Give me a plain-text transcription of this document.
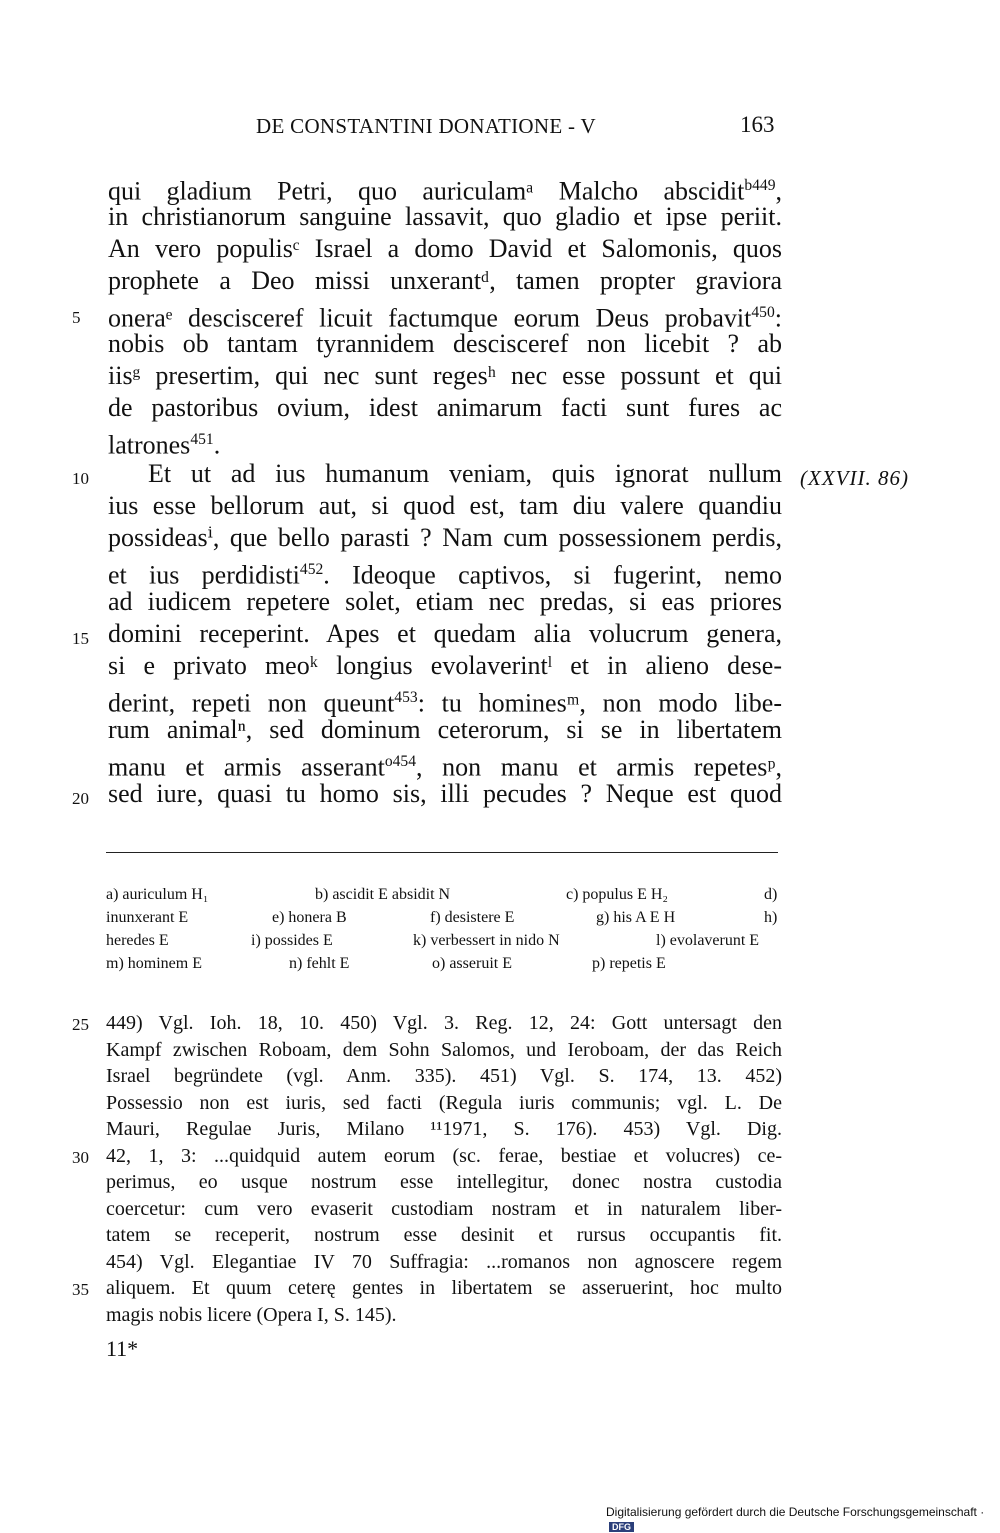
DE CONSTANTINI DONATIONE - V	163
qui gladium Petri, quo auriculamᵃ Malcho abscidit$^{b449}$,
in christianorum sanguine lassavit, quo gladio et ipse periit.
An vero populisᶜ Israel a domo David et Salomonis, quos
prophete a Deo missi unxerantᵈ, tamen propter graviora
oneraᵉ descisceref licuit factumque eorum Deus probavit$^{450}$:
nobis ob tantam tyrannidem descisceref non licebit ? ab
iisᵍ presertim, qui nec sunt regesʰ nec esse possunt et qui
de pastoribus ovium, idest animarum facti sunt fures ac
latrones$^{451}$.
Et ut ad ius humanum veniam, quis ignorat nullum
ius esse bellorum aut, si quod est, tam diu valere quandiu
possideasⁱ, que bello parasti ? Nam cum possessionem perdis,
et ius perdidisti$^{452}$. Ideoque captivos, si fugerint, nemo
ad iudicem repetere solet, etiam nec predas, si eas priores
domini receperint. Apes et quedam alia volucrum genera,
si e privato meoᵏ longius evolaverintˡ et in alieno dese-
derint, repeti non queunt$^{453}$: tu hominesᵐ, non modo libe-
rum animalⁿ, sed dominum ceterorum, si se in libertatem
manu et armis asserant$^{o454}$, non manu et armis repetesᵖ,
sed iure, quasi tu homo sis, illi pecudes ? Neque est quod
5
10
15
20
(XXVII. 86)
a) auriculum H₁	b) ascidit E absidit N	c) populus E H₂	d)
inunxerant E	e) honera B	f) desistere E	g) his A E H	h)
heredes E	i) possides E	k) verbessert in nido N	l) evolaverunt E
m) hominem E	n) fehlt E	o) asseruit E	p) repetis E
449) Vgl. Ioh. 18, 10. 450) Vgl. 3. Reg. 12, 24: Gott untersagt den
Kampf zwischen Roboam, dem Sohn Salomos, und Ieroboam, der das Reich
Israel begründete (vgl. Anm. 335). 451) Vgl. S. 174, 13. 452)
Possessio non est iuris, sed facti (Regula iuris communis; vgl. L. De
Mauri, Regulae Juris, Milano ¹¹1971, S. 176). 453) Vgl. Dig.
42, 1, 3: ...quidquid autem eorum (sc. ferae, bestiae et volucres) ce-
perimus, eo usque nostrum esse intellegitur, donec nostra custodia
coercetur: cum vero evaserit custodiam nostram et in naturalem liber-
tatem se receperit, nostrum esse desinit et rursus occupantis fit.
454) Vgl. Elegantiae IV 70 Suffragia: ...romanos non agnoscere regem
aliquem. Et quum ceterę gentes in libertatem se asseruerint, hoc multo
magis nobis licere (Opera I, S. 145).
25
30
35
11*
Digitalisierung gefördert durch die Deutsche Forschungsgemeinschaft ·DFG
